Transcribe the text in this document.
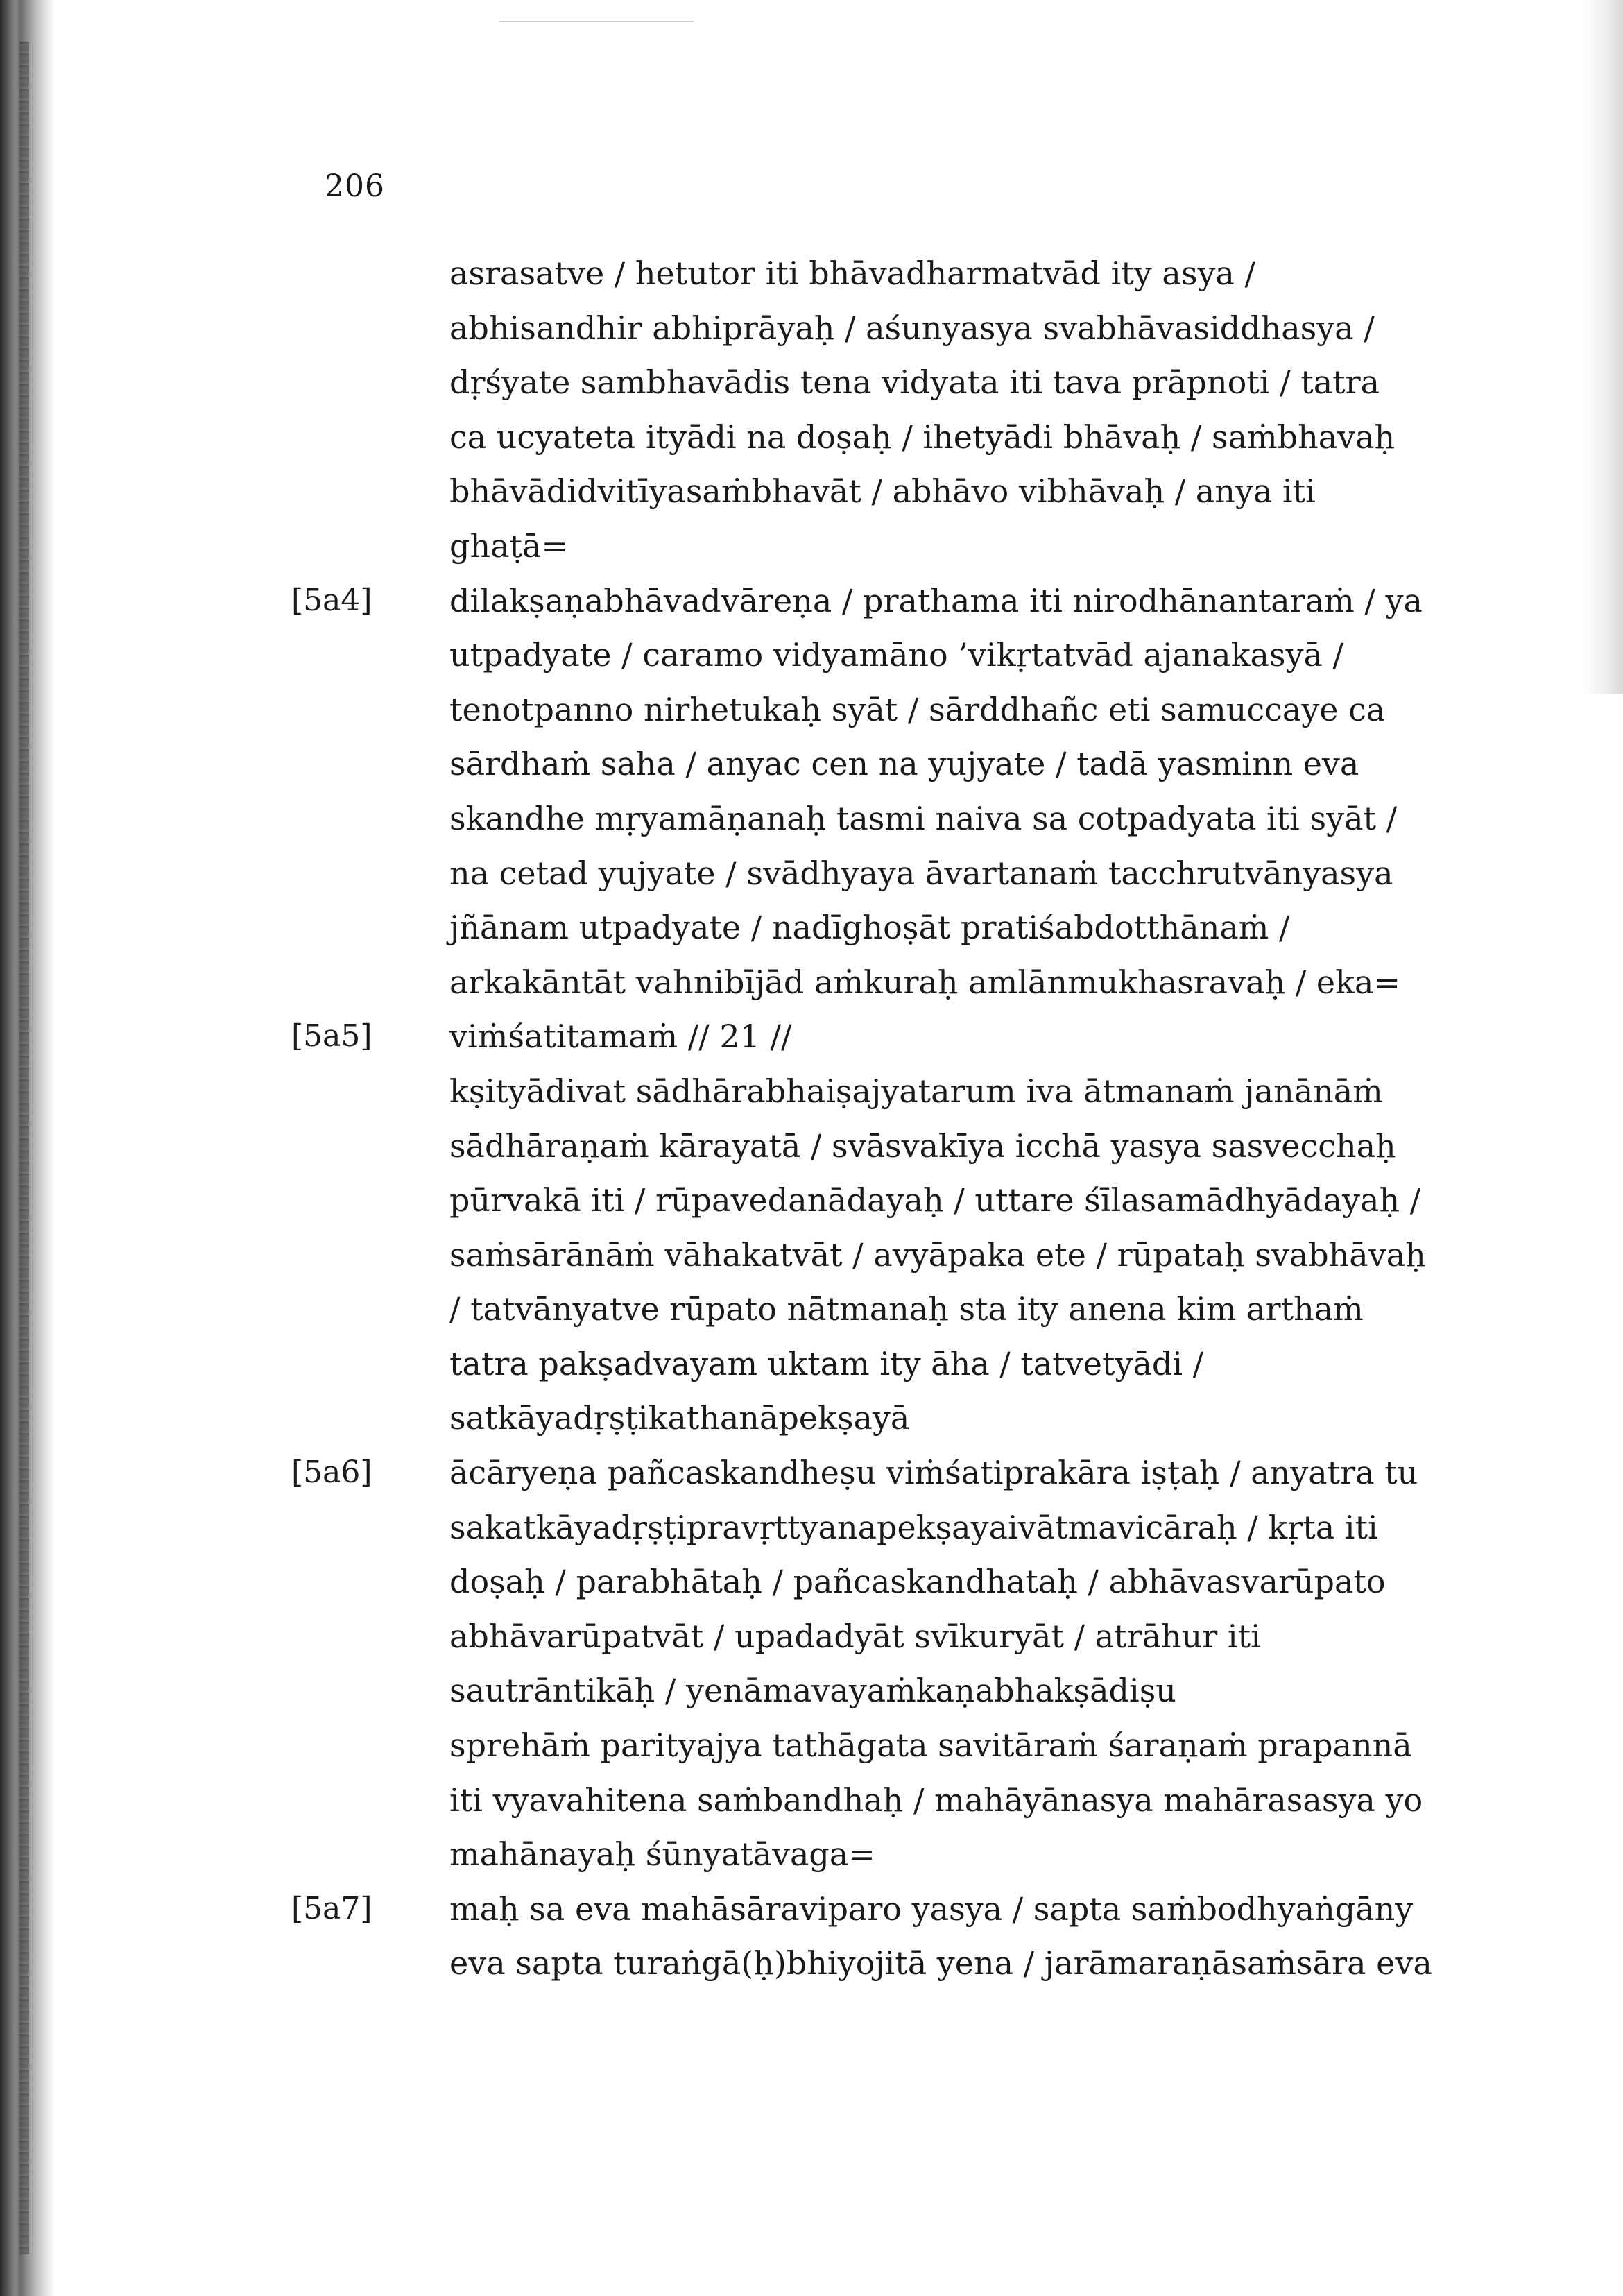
206
asrasatve / hetutor iti bhāvadharmatvād ity asya /
abhisandhir abhiprāyaḥ / aśunyasya svabhāvasiddhasya /
dṛśyate sambhavādis tena vidyata iti tava prāpnoti / tatra
ca ucyateta ityādi na doṣaḥ / ihetyādi bhāvaḥ / saṁbhavaḥ
bhāvādidvitīyasaṁbhavāt / abhāvo vibhāvaḥ / anya iti
ghaṭā=
[5a4] dilakṣaṇabhāvadvāreṇa / prathama iti nirodhānantaraṁ / ya
utpadyate / caramo vidyamāno ’vikṛtatvād ajanakasyā /
tenotpanno nirhetukaḥ syāt / sārddhañc eti samuccaye ca
sārdhaṁ saha / anyac cen na yujyate / tadā yasminn eva
skandhe mṛyamāṇanaḥ tasmi naiva sa cotpadyata iti syāt /
na cetad yujyate / svādhyaya āvartanaṁ tacchrutvānyasya
jñānam utpadyate / nadīghoṣāt pratiśabdotthānaṁ /
arkakāntāt vahnibījād aṁkuraḥ amlānmukhasravaḥ / eka=
[5a5] viṁśatitamaṁ // 21 //
kṣityādivat sādhārabhaiṣajyatarum iva ātmanaṁ janānāṁ
sādhāraṇaṁ kārayatā / svāsvakīya icchā yasya sasvecchaḥ
pūrvakā iti / rūpavedanādayaḥ / uttare śīlasamādhyādayaḥ /
saṁsārānāṁ vāhakatvāt / avyāpaka ete / rūpataḥ svabhāvaḥ
/ tatvānyatve rūpato nātmanaḥ sta ity anena kim arthaṁ
tatra pakṣadvayam uktam ity āha / tatvetyādi /
satkāyadṛṣṭikathanāpekṣayā
[5a6] ācāryeṇa pañcaskandheṣu viṁśatiprakāra iṣṭaḥ / anyatra tu
sakatkāyadṛṣṭipravṛttyanapekṣayaivātmavicāraḥ / kṛta iti
doṣaḥ / parabhātaḥ / pañcaskandhataḥ / abhāvasvarūpato
abhāvarūpatvāt / upadadyāt svīkuryāt / atrāhur iti
sautrāntikāḥ / yenāmavayaṁkaṇabhakṣādiṣu
sprehāṁ parityajya tathāgata savitāraṁ śaraṇaṁ prapannā
iti vyavahitena saṁbandhaḥ / mahāyānasya mahārasasya yo
mahānayaḥ śūnyatāvaga=
[5a7] maḥ sa eva mahāsāraviparo yasya / sapta saṁbodhyaṅgāny
eva sapta turaṅgā(ḥ)bhiyojitā yena / jarāmaraṇāsaṁsāra eva
